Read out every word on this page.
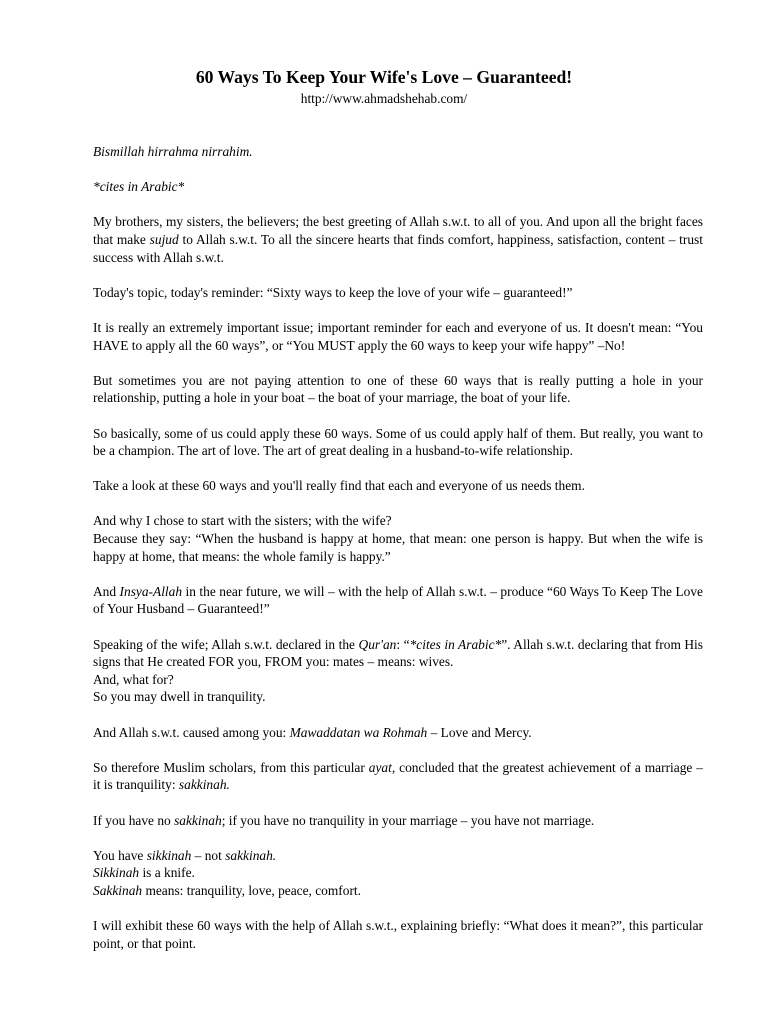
60 Ways To Keep Your Wife's Love – Guaranteed!
http://www.ahmadshehab.com/

Bismillah hirrahma nirrahim.

*cites in Arabic*

My brothers, my sisters, the believers; the best greeting of Allah s.w.t. to all of you. And upon all the bright faces that make sujud to Allah s.w.t. To all the sincere hearts that finds comfort, happiness, satisfaction, content – trust success with Allah s.w.t.

Today's topic, today's reminder: “Sixty ways to keep the love of your wife – guaranteed!”

It is really an extremely important issue; important reminder for each and everyone of us. It doesn't mean: “You HAVE to apply all the 60 ways”, or “You MUST apply the 60 ways to keep your wife happy” –No!

But sometimes you are not paying attention to one of these 60 ways that is really putting a hole in your relationship, putting a hole in your boat – the boat of your marriage, the boat of your life.

So basically, some of us could apply these 60 ways. Some of us could apply half of them. But really, you want to be a champion. The art of love. The art of great dealing in a husband-to-wife relationship.

Take a look at these 60 ways and you'll really find that each and everyone of us needs them.

And why I chose to start with the sisters; with the wife?
Because they say: “When the husband is happy at home, that mean: one person is happy. But when the wife is happy at home, that means: the whole family is happy.”

And Insya-Allah in the near future, we will – with the help of Allah s.w.t. – produce “60 Ways To Keep The Love of Your Husband – Guaranteed!”

Speaking of the wife; Allah s.w.t. declared in the Qur'an: “*cites in Arabic*”. Allah s.w.t. declaring that from His signs that He created FOR you, FROM you: mates – means: wives.
And, what for?
So you may dwell in tranquility.

And Allah s.w.t. caused among you: Mawaddatan wa Rohmah – Love and Mercy.

So therefore Muslim scholars, from this particular ayat, concluded that the greatest achievement of a marriage – it is tranquility: sakkinah.

If you have no sakkinah; if you have no tranquility in your marriage – you have not marriage.

You have sikkinah – not sakkinah.
Sikkinah is a knife.
Sakkinah means: tranquility, love, peace, comfort.

I will exhibit these 60 ways with the help of Allah s.w.t., explaining briefly: “What does it mean?”, this particular point, or that point.
